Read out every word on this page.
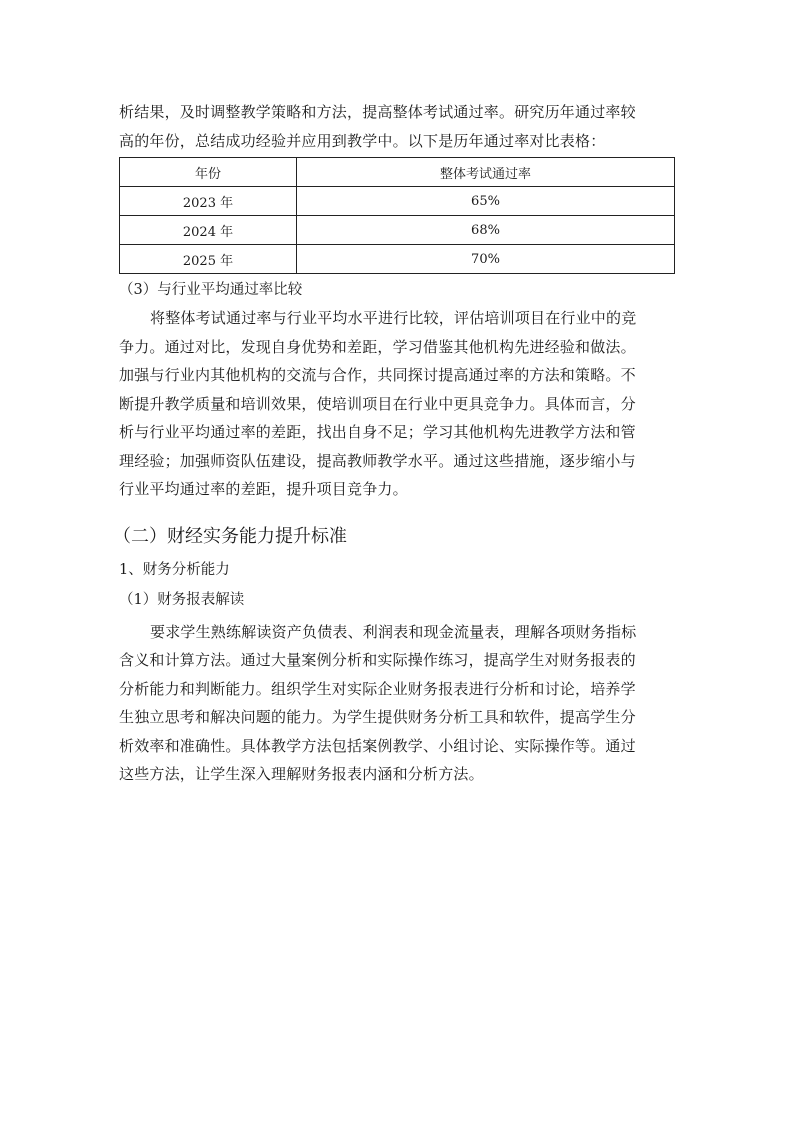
析结果，及时调整教学策略和方法，提高整体考试通过率。研究历年通过率较

高的年份，总结成功经验并应用到教学中。以下是历年通过率对比表格：

年份	整体考试通过率
2023 年	65%
2024 年	68%
2025 年	70%

（3）与行业平均通过率比较

将整体考试通过率与行业平均水平进行比较，评估培训项目在行业中的竞

争力。通过对比，发现自身优势和差距，学习借鉴其他机构先进经验和做法。

加强与行业内其他机构的交流与合作，共同探讨提高通过率的方法和策略。不

断提升教学质量和培训效果，使培训项目在行业中更具竞争力。具体而言，分

析与行业平均通过率的差距，找出自身不足；学习其他机构先进教学方法和管

理经验；加强师资队伍建设，提高教师教学水平。通过这些措施，逐步缩小与

行业平均通过率的差距，提升项目竞争力。

（二）财经实务能力提升标准

1、财务分析能力

（1）财务报表解读

要求学生熟练解读资产负债表、利润表和现金流量表，理解各项财务指标

含义和计算方法。通过大量案例分析和实际操作练习，提高学生对财务报表的

分析能力和判断能力。组织学生对实际企业财务报表进行分析和讨论，培养学

生独立思考和解决问题的能力。为学生提供财务分析工具和软件，提高学生分

析效率和准确性。具体教学方法包括案例教学、小组讨论、实际操作等。通过

这些方法，让学生深入理解财务报表内涵和分析方法。
